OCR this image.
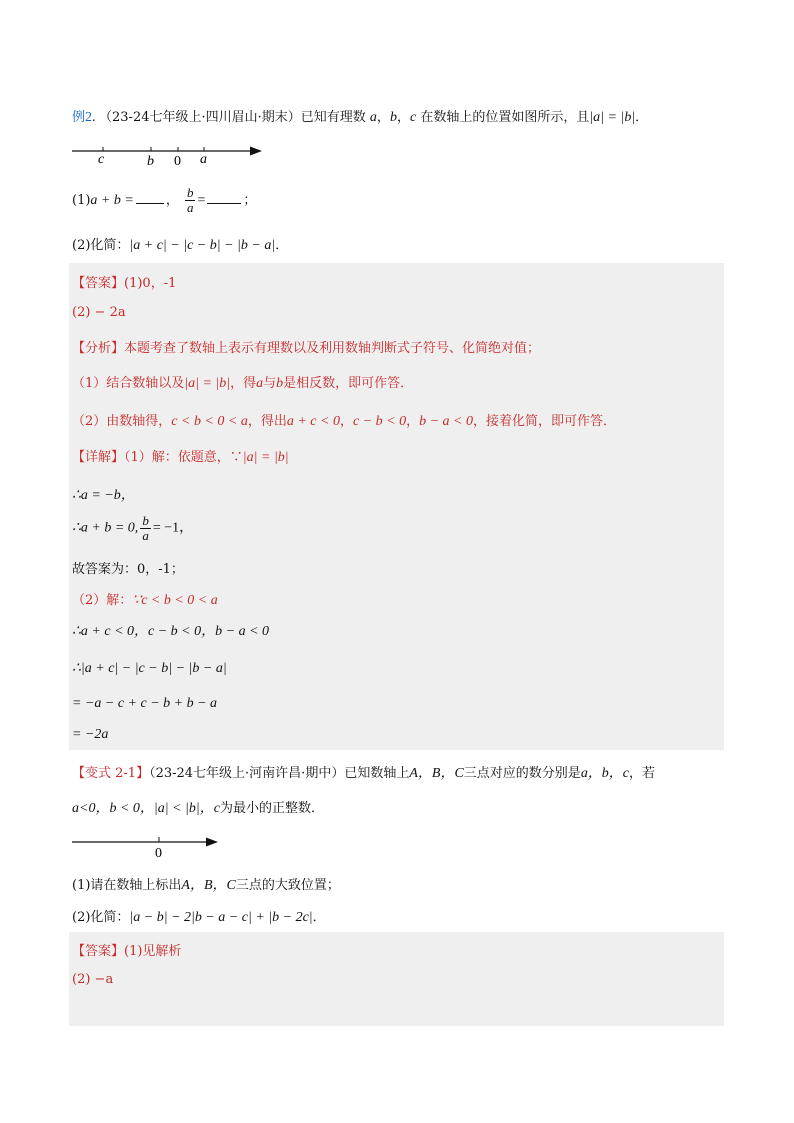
例2. （23-24七年级上·四川眉山·期末）已知有理数 a，b，c 在数轴上的位置如图所示，且|a| = |b|．
c	b 0 a
(1)a + b = ， $\frac{b}{a}$ =	；
(2)化简：|a + c| − |c − b| − |b − a|．
【答案】(1)0，-1
(2) − 2a
【分析】本题考查了数轴上表示有理数以及利用数轴判断式子符号、化简绝对值；
（1）结合数轴以及|a| = |b|，得a与b是相反数，即可作答．
（2）由数轴得，c < b < 0 < a，得出a + c < 0，c − b < 0，b − a < 0，接着化简，即可作答．
【详解】（1）解：依题意，∵|a| = |b|
∴a = −b，
∴a + b = 0, $\frac{b}{a} = -1$，
故答案为：0，-1；
（2）解：∵c < b < 0 < a
∴a + c < 0，c − b < 0，b − a < 0
∴|a + c| − |c − b| − |b − a|
= −a − c + c − b + b − a
= −2a
【变式 2-1】（23-24七年级上·河南许昌·期中）已知数轴上A，B，C三点对应的数分别是a，b，c，若
a<0，b < 0，|a| < |b|，c为最小的正整数．
0
(1)请在数轴上标出A，B，C三点的大致位置；
(2)化简：|a − b| − 2|b − a − c| + |b − 2c|．
【答案】(1)见解析
(2) −a
